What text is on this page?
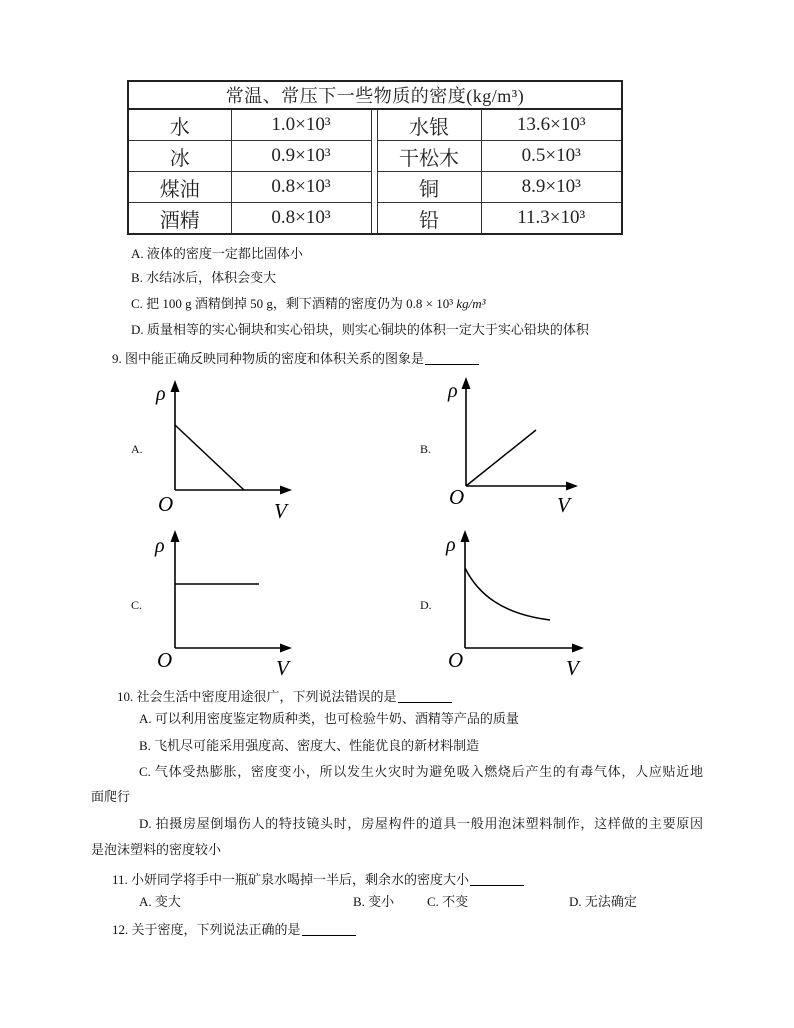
常温、常压下一些物质的密度(kg/m³)				
水	1.0×10³		水银	13.6×10³
冰	0.9×10³		干松木	0.5×10³
煤油	0.8×10³		铜	8.9×10³
酒精	0.8×10³		铅	11.3×10³
A. 液体的密度一定都比固体小
B. 水结冰后，体积会变大
C. 把 100 g 酒精倒掉 50 g，剩下酒精的密度仍为 0.8 × 10³ kg/m³
D. 质量相等的实心铜块和实心铅块，则实心铜块的体积一定大于实心铅块的体积
9. 图中能正确反映同种物质的密度和体积关系的图象是
A.
ρ
O	V
B.
ρ
O	V
C.
ρ
O	V
D.
ρ
O	V
10. 社会生活中密度用途很广，下列说法错误的是
A. 可以利用密度鉴定物质种类，也可检验牛奶、酒精等产品的质量
B. 飞机尽可能采用强度高、密度大、性能优良的新材料制造
C. 气体受热膨胀，密度变小，所以发生火灾时为避免吸入燃烧后产生的有毒气体，人应贴近地
面爬行
D. 拍摄房屋倒塌伤人的特技镜头时，房屋构件的道具一般用泡沫塑料制作，这样做的主要原因
是泡沫塑料的密度较小
11. 小妍同学将手中一瓶矿泉水喝掉一半后，剩余水的密度大小
A. 变大	B. 变小	C. 不变	D. 无法确定
12. 关于密度，下列说法正确的是
